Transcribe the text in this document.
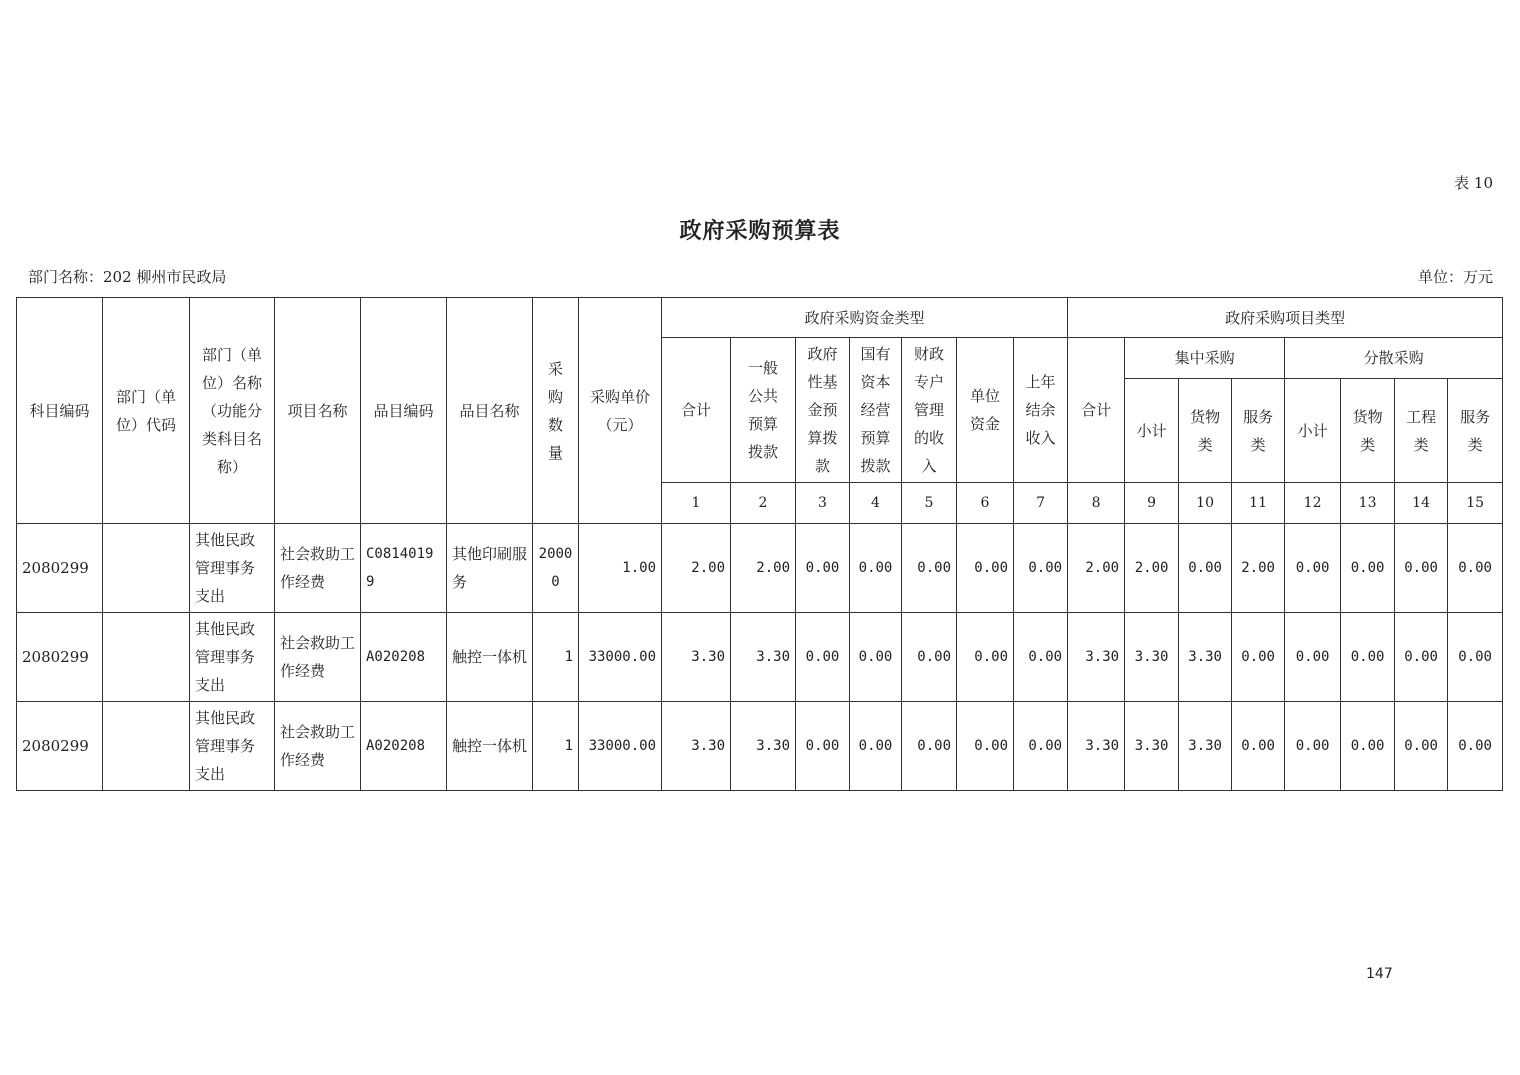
表 10
政府采购预算表
部门名称：202 柳州市民政局	单位：万元
科目编码	部门（单位）代码	部门（单位）名称（功能分类科目名称）	项目名称	品目编码	品目名称	采购数量	采购单价（元）	政府采购资金类型							政府采购项目类型							
								合计	一般公共预算拨款	政府性基金预算拨款	国有资本经营预算拨款	财政专户管理的收入	单位资金	上年结余收入	合计	集中采购			分散采购			
																小计	货物类	服务类	小计	货物类	工程类	服务类
								1	2	3	4	5	6	7	8	9	10	11	12	13	14	15
2080299		其他民政管理事务支出	社会救助工作经费	C08140199	其他印刷服务	20000	1.00	2.00	2.00	0.00	0.00	0.00	0.00	0.00	2.00	2.00	0.00	2.00	0.00	0.00	0.00	0.00
2080299		其他民政管理事务支出	社会救助工作经费	A020208	触控一体机	1	33000.00	3.30	3.30	0.00	0.00	0.00	0.00	0.00	3.30	3.30	3.30	0.00	0.00	0.00	0.00	0.00
2080299		其他民政管理事务支出	社会救助工作经费	A020208	触控一体机	1	33000.00	3.30	3.30	0.00	0.00	0.00	0.00	0.00	3.30	3.30	3.30	0.00	0.00	0.00	0.00	0.00
147
